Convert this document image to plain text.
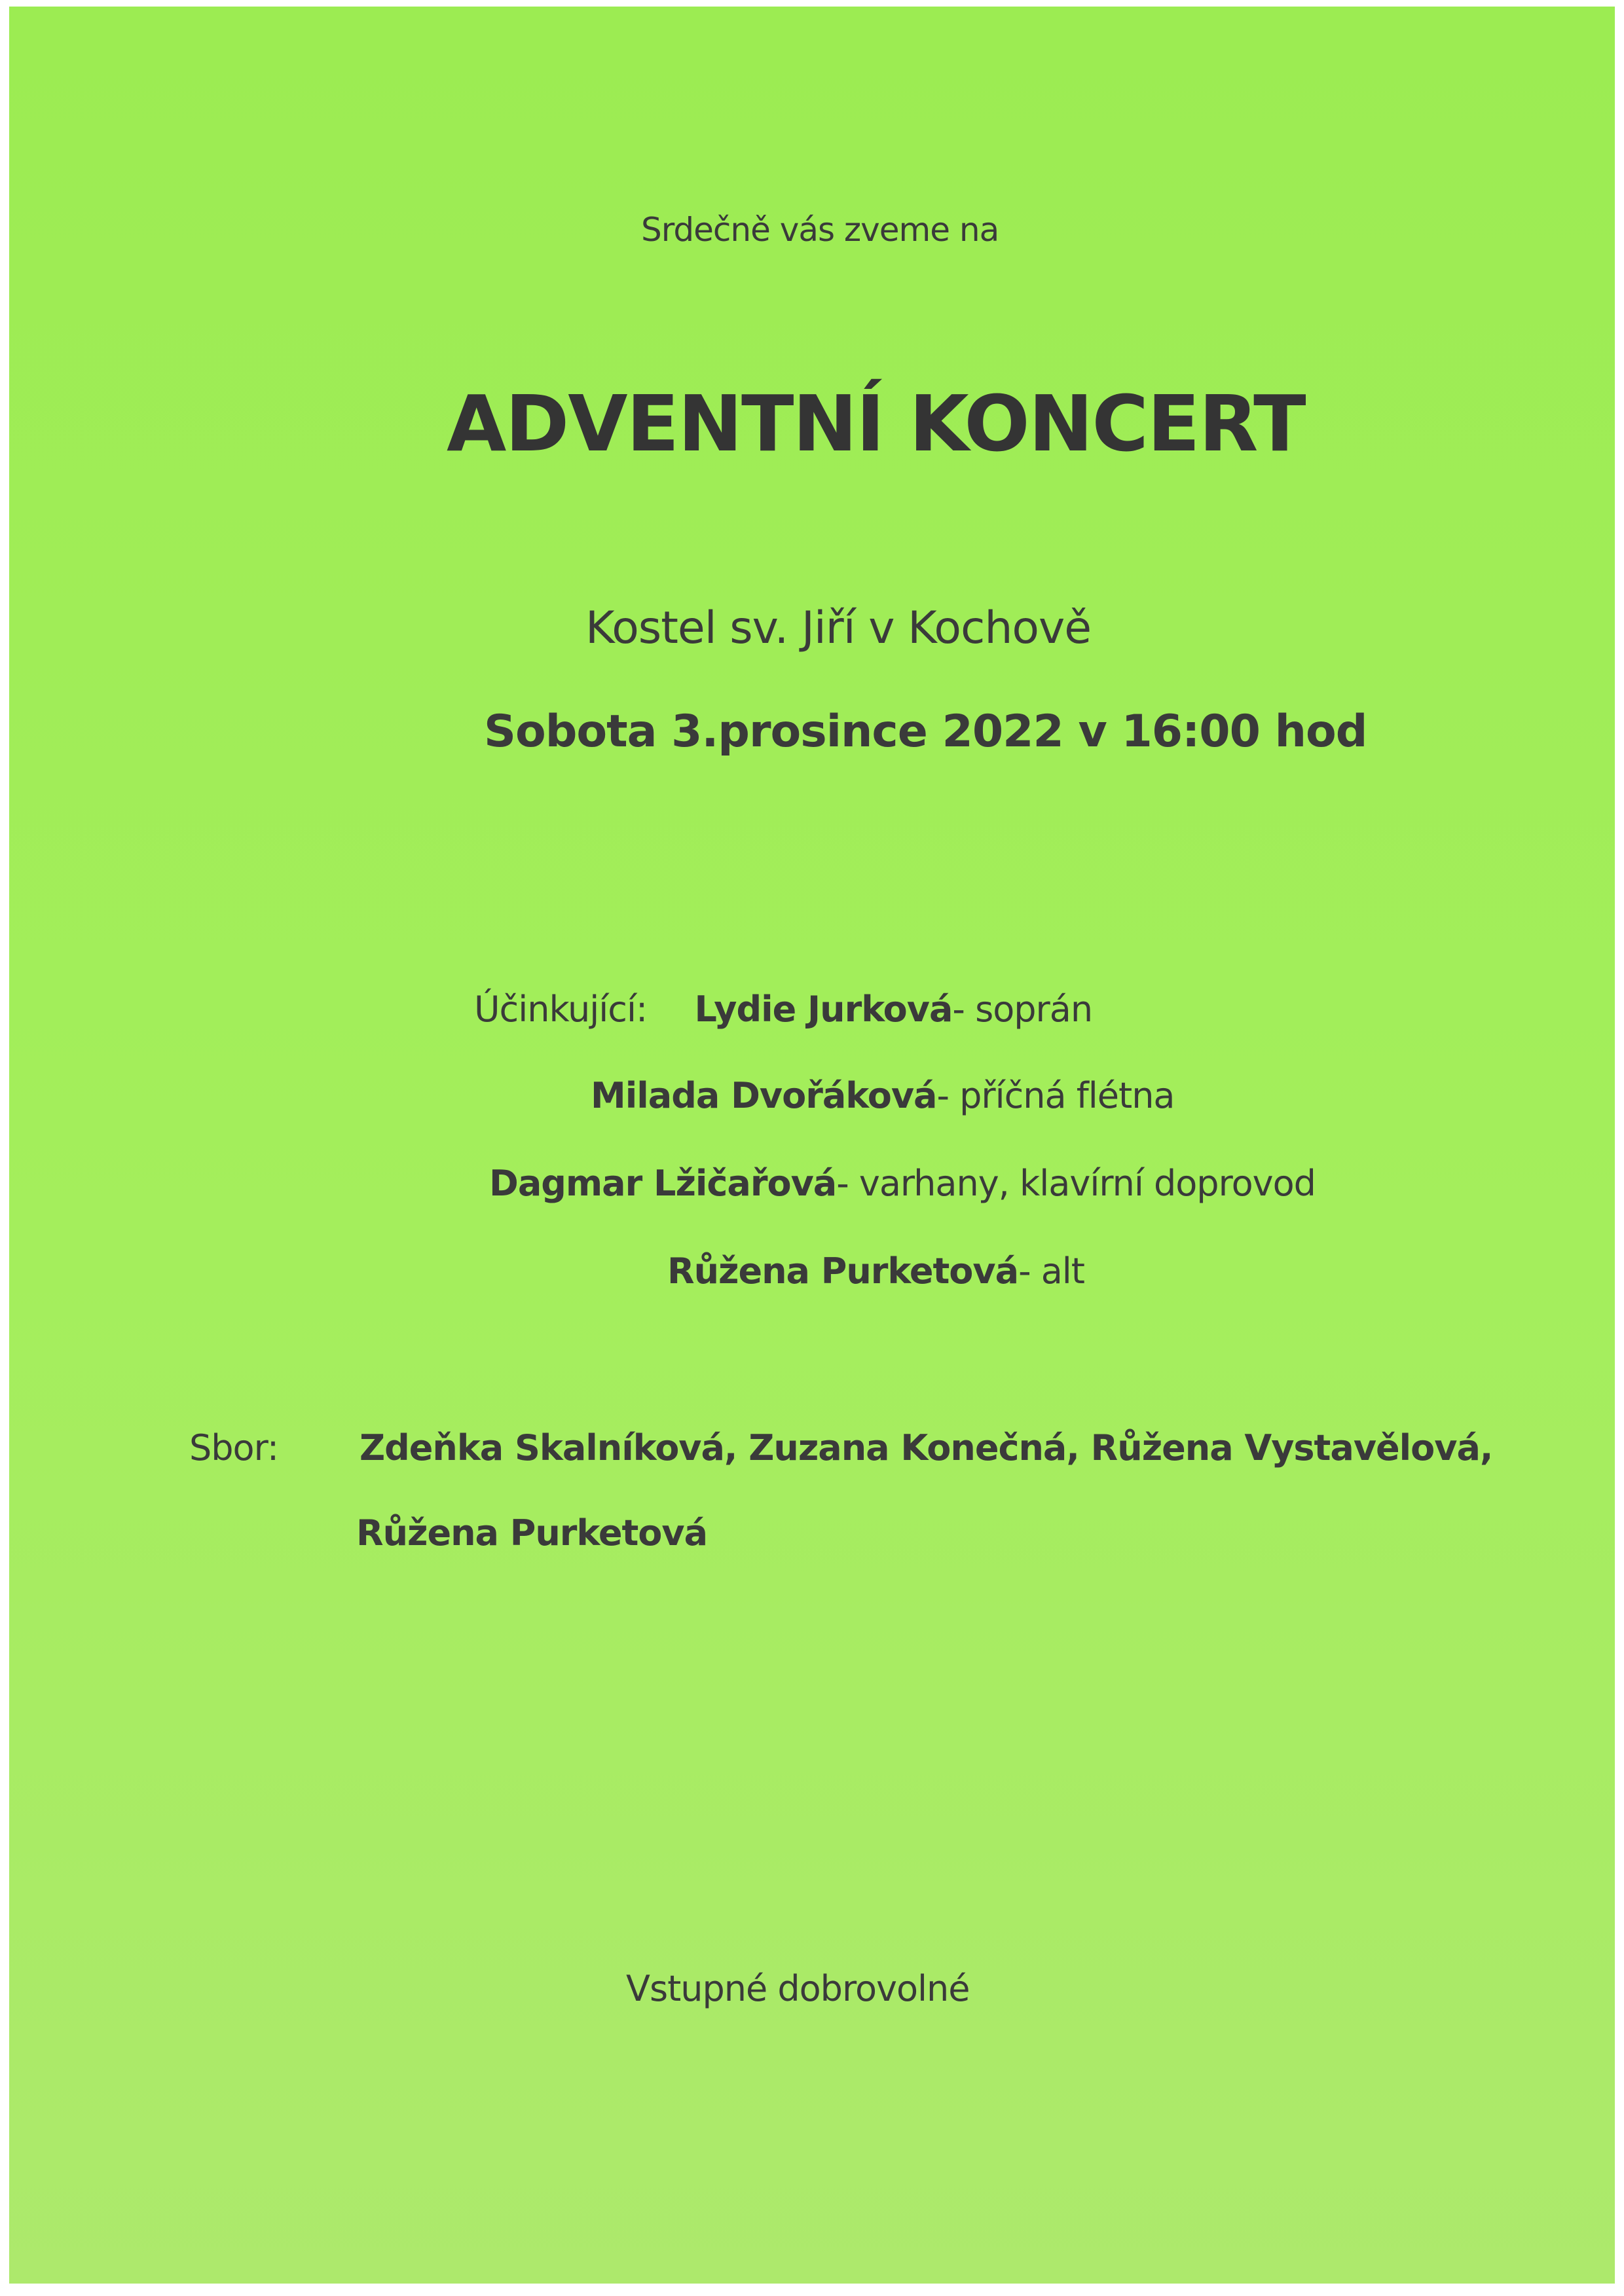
Srdečně vás zveme na
ADVENTNÍ KONCERT
Kostel sv. Jiří v Kochově
Sobota 3.prosince 2022 v 16:00 hod
Účinkující: Lydie Jurková- soprán
Milada Dvořáková- příčná flétna
Dagmar Lžičařová- varhany, klavírní doprovod
Růžena Purketová- alt
Sbor: Zdeňka Skalníková, Zuzana Konečná, Růžena Vystavělová,
Růžena Purketová
Vstupné dobrovolné
